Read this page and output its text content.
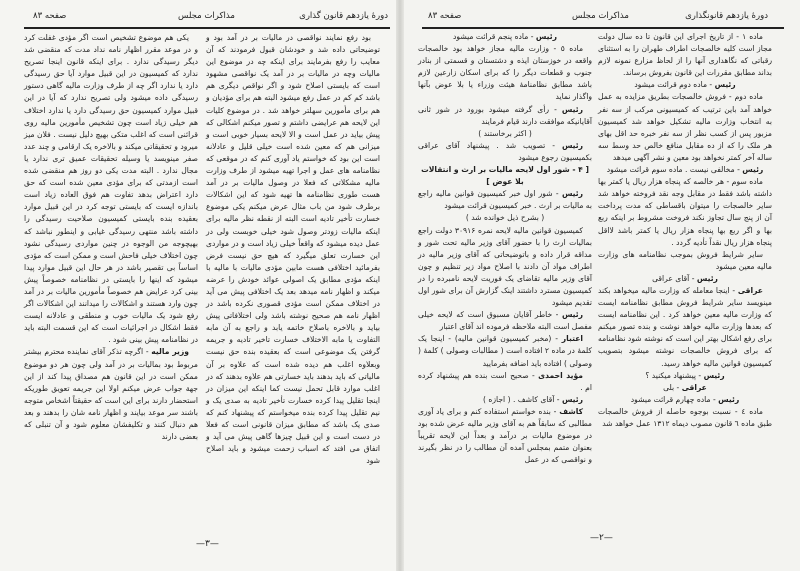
دورهٔ یازدهم قانون گذاری
مذاکرات مجلس
صفحه ۸۳

بود رفع نمایند نواقصی در مالیات بر در آمد بود و توضیحاتی داده شد و خودشان قبول فرمودند که آن معایب را رفع بفرمایند برای اینکه چه در موضوع این مالیات وچه در مالیات بر در آمد یک نواقصی مشهود است که بایستی اصلاح شود و اگر نواقص دیگری هم باشد کم کم در عمل رفع میشود البته هم برای مؤدیان و هم برای مأمورین سهلتر خواهد شد . در موضوع کلیات این لایحه هم عرایضی داشتم و تصور میکنم اشکالی که پیش بیاید در عمل است و الا لایحه بسیار خوبی است و میزانی هم که معین شده است خیلی قلیل و عادلانه است این بود که خواستم یاد آوری کنم که در موقعی که نظامنامه های عمل و اجرا تهیه میشود از طرف وزارت مالیه مشکلاتی که فعلا در وصول مالیات بر در آمد هست طوری نظامنامه ها تهیه شود که این اشکالات برطرف شود من باب مثال عرض میکنم یکی موضوع خسارت تأخیر تادیه است البته از نقطه نظر مالیه برای اینکه مالیات زودتر وصول شود خیلی خوبست ولی در عمل دیده میشود که واقعاً خیلی زیاد است و در مواردی این خسارت تعلق میگیرد که هیچ حق نیست فرض بفرمائید اختلافی هست مابین مؤدی مالیات با مالیه با اینکه مؤدی مطابق یک اصولی عوائد خودش را عرضه میکند و اظهار نامه میدهد بعد یک اختلافی پیش می آید در اختلاف ممکن است مؤدی قصوری نکرده باشد در اظهار نامه هم صحیح نوشته باشد ولی اختلافاتی پیش بیاید و بالاخره باصلاح خاتمه یابد و راجع به آن مابه التفاوت یا مابه الاختلاف خسارت تاخیر تادیه و جریمه گرفتن یک موضوعی است که بعقیده بنده حق نیست وبعلاوه اغلب هم دیده شده است که علاوه بر آن مالیاتی که باید بدهند باید خسارتی هم علاوه بدهند که در اغلب موارد قابل تحمل نیست کما اینکه این میزان در اینجا تقلیل پیدا کرده خسارت تأخیر تادیه به صدی یک و نیم تقلیل پیدا کرده بنده میخواستم که پیشنهاد کنم که صدی یک باشد که مطابق میزان قانونی است که فعلا در دست است و این قبیل چیزها گاهی پیش می آید و اتفاق می افتد که اسباب زحمت میشود و باید اصلاح شود

یکی هم موضوع تشخیص است اگر مؤدی غفلت کرد و در موعد مقرر اظهار نامه نداد مدت که منقضی شد دیگر رسیدگی ندارد . برای اینکه قانون اینجا تصریح ندارد که کمیسیون در این قبیل موارد آیا حق رسیدگی دارد یا ندارد اگر چه از طرف وزارت مالیه گاهی دستور رسیدگی داده میشود ولی تصریح ندارد که آیا در این قبیل موارد کمیسیون حق رسیدگی دارد یا ندارد اختلاف هم خیلی زیاد است چون تشخیص مأمورین مالیه روی قرائنی است که اغلب متکی بهیچ دلیل نیست . فلان میز میرود و تحقیقاتی میکند و بالاخره یک ارقامی و چند عدد صفر مینویسد یا وسیله تحقیقات عمیق تری ندارد یا مجال ندارد . البته مدت یکی دو روز هم منقضی شده است ازمدتی که برای مؤدی معین شده است که حق دارد اعتراض بدهد تفاوت هم فوق العاده زیاد است باندازه ایست که بایستی توجه کرد در این قبیل موارد بعقیده بنده بایستی کمیسیون صلاحیت رسیدگی را داشته باشد منتهی رسیدگی غیابی و اینطور نباشد که بهیچوجه من الوجوه در چنین مواردی رسیدگی نشود چون اختلاف خیلی فاحش است و ممکن است که مؤدی اساساً بی تقصیر باشد در هر حال این قبیل موارد پیدا میشود که اینها را بایستی در نظامنامه خصوصاً پیش بینی کرد عرایض هم خصوصاً مأمورین مالیات بر در آمد چون وارد هستند و اشکالات را میدانند این اشکالات اگر رفع شود یک مالیات خوب و منطقی و عادلانه ایست فقط اشکال در اجرائیات است که این قسمت البته باید در نظامنامه پیش بینی شود .

وزیر مالیه - اگرچه تذکر آقای نماینده محترم بیشتر مربوط بود بمالیات بر در آمد ولی چون هر دو موضوع ممکن است در این قانون هم مصداق پیدا کند از این جهة جواب عرض میکنم اولا این جریمه تعویق طوریکه استحضار دارند برای این است که حقیقتاً اشخاص متوجه باشند سر موعد بیایند و اظهار نامه شان را بدهند و بعد هم دنبال کنند و تکلیفشان معلوم شود و آن تنبلی که بعضی دارند

—۳—
دورهٔ یازدهم قانونگذاری
مذاکرات مجلس
صفحه ۸۳

ماده ۱ - از تاریخ اجرای این قانون تا ده سال دولت مجاز است کلیه خالصجات اطراف طهران را به استثنای رقباتی که نگاهداری آنها را از لحاظ مزارع نمونه لازم بداند مطابق مقررات این قانون بفروش برساند.

رئیس - ماده دوم قرائت میشود

ماده دوم - فروش خالصجات بطریق مزایده به عمل خواهد آمد باین ترتیب که کمیسیونی مرکب از سه نفر به انتخاب وزارت مالیه تشکیل خواهد شد کمیسیون مزبور پس از کسب نظر از سه نفر خبره حد اقل بهای هر ملک را که از ده مقابل منافع خالص حد وسط سه ساله آخر کمتر نخواهد بود معین و نشر آگهی میدهد

رئیس - مخالفی نیست . ماده سوم قرائت میشود

ماده سوم - هر خالصه که پنجاه هزار ریال یا کمتر بها داشته باشد فقط در مقابل وجه نقد فروخته خواهد شد سایر خالصجات را میتوان باقساطی که مدت پرداخت آن از پنج سال تجاوز نکند فروخت مشروط بر اینکه ربع بها و اگر ربع بها پنجاه هزار ریال یا کمتر باشد لااقل پنجاه هزار ریال نقداً تأدیه گردد .

سایر شرایط فروش بموجب نظامنامه های وزارت مالیه معین میشود

رئیس - آقای عراقی

عراقی - اینجا معامله که وزارت مالیه میخواهد بکند مینویسد سایر شرایط فروش مطابق نظامنامه ایست که وزارت مالیه معین خواهد کرد . این نظامنامه ایست که بعدها وزارت مالیه خواهد نوشت و بنده تصور میکنم برای رفع اشکال بهتر این است که نوشته شود نظامنامه که برای فروش خالصجات نوشته میشود بتصویب کمیسیون قوانین مالیه خواهد رسید.

رئیس - پیشنهاد میکنید ؟

عراقی - بلی

رئیس - ماده چهارم قرائت میشود

ماده ٤ - نسبت بوجوه حاصله از فروش خالصجات طبق ماده ٦ قانون مصوب دیماه ۱۳۱۲ عمل خواهد شد

رئیس - ماده پنجم قرائت میشود

ماده ٥ - وزارت مالیه مجاز خواهد بود خالصجات واقعه در خوزستان ایذه و دشتستان و قسمتی از بنادر جنوب و قطعات دیگر را که برای اسکان زارعین لازم باشد مطابق نظامنامهٔ هیئت وزراء یا بلا عوض بآنها واگذار نماید

رئیس - رأی گرفته میشود بورود در شور ثانی آقایانیکه موافقت دارند قیام فرمایند

( اکثر برخاستند )

رئیس - تصویب شد . پیشنهاد آقای عراقی بکمیسیون رجوع میشود

[ ۴ - شور اول لایحه مالیات بر ارث و انتقالات بلا عوض ]

رئیس - شور اول خبر کمیسیون قوانین مالیه راجع به مالیات بر ارث . خبر کمیسیون قرائت میشود

( بشرح ذیل خوانده شد )

کمیسیون قوانین مالیه لایحه نمره ۳۰۹۱۶ دولت راجع بمالیات ارث را با حضور آقای وزیر مالیه تحت شور و مداقه قرار داده و باتوضیحاتی که آقای وزیر مالیه در اطراف مواد آن دادند با اصلاح مواد زیر تنظیم و چون آقای وزیر مالیه تقاضای یک فوریت لایحه نامبرده را در کمیسیون مسترد داشتند اینک گزارش آن برای شور اول تقدیم میشود

رئیس - خاطر آقایان مسبوق است که لایحه خیلی مفصل است البته ملاحظه فرموده اند آقای اعتبار

اعتبار - (مخبر کمیسیون قوانین مالیه) - اینجا یک کلمهٔ در ماده ۲ افتاده است ( مطالبات وصولی ) کلمهٔ ( وصولی ) افتاده باید اضافه بفرمایید

مؤید احمدی - صحیح است بنده هم پیشنهاد کرده ام .

رئیس - آقای کاشف . ( اجازه )

کاشف - بنده خواستم استفاده کنم و برای یاد آوری مطالبی که سابقاً هم به آقای وزیر مالیه عرض شده بود در موضوع مالیات بر درآمد و بعداً این لایحه تقریباً بعنوان متمم بمجلس آمده آن مطالب را در نظر بگیرند و نواقصی که در عمل

—۲—
